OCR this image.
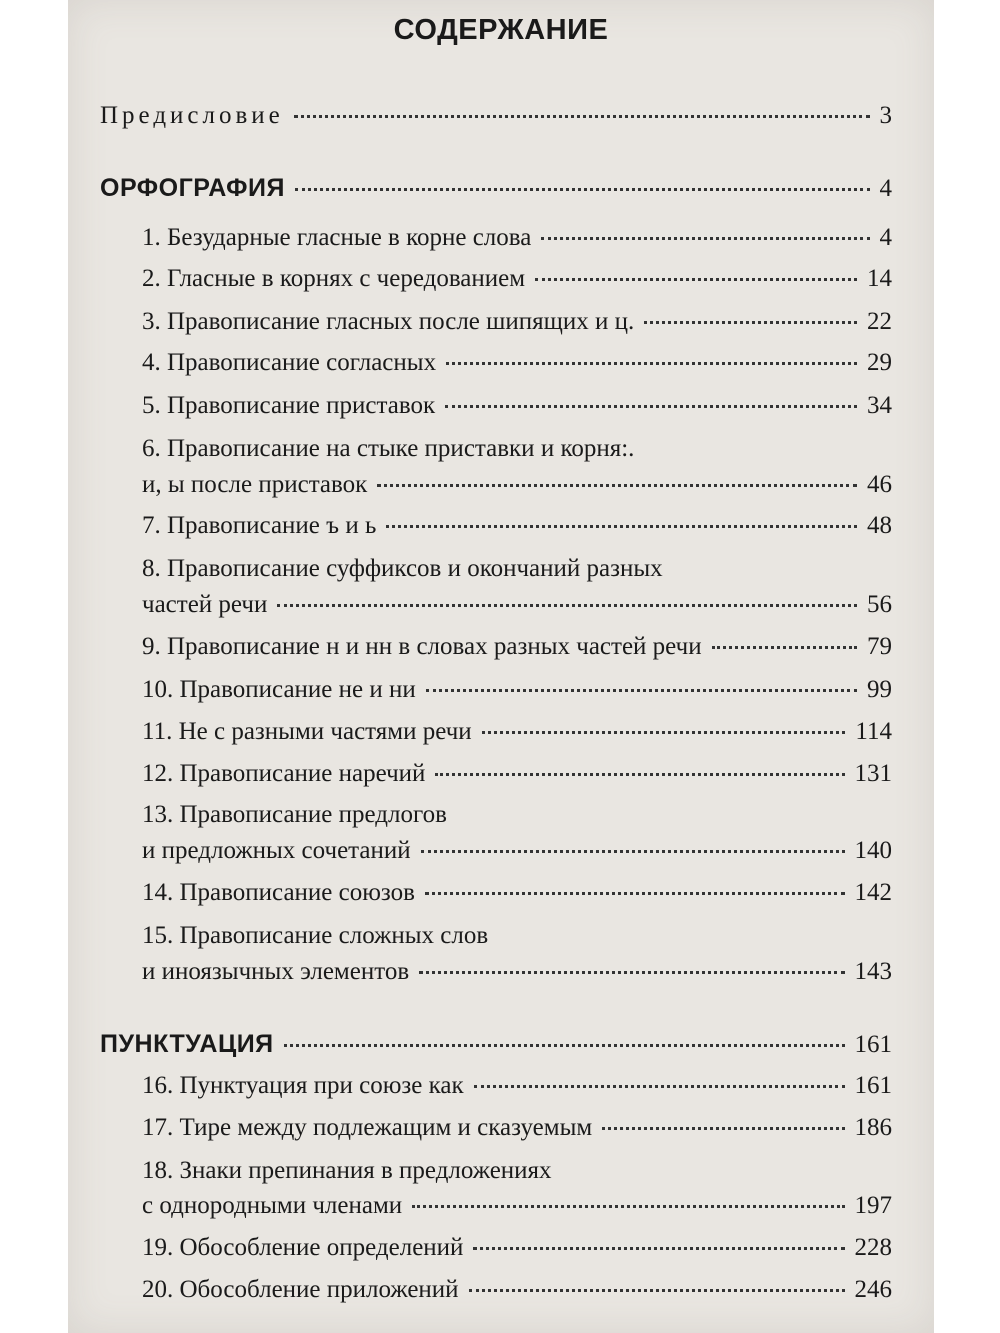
СОДЕРЖАНИЕ
Предисловие	3
ОРФОГРАФИЯ	4
1. Безударные гласные в корне слова	4
2. Гласные в корнях с чередованием	14
3. Правописание гласных после шипящих и ц.	22
4. Правописание согласных	29
5. Правописание приставок	34
6. Правописание на стыке приставки и корня:.
и, ы после приставок	46
7. Правописание ъ и ь	48
8. Правописание суффиксов и окончаний разных
частей речи	56
9. Правописание н и нн в словах разных частей речи	79
10. Правописание не и ни	99
11. Не с разными частями речи	114
12. Правописание наречий	131
13. Правописание предлогов
и предложных сочетаний	140
14. Правописание союзов	142
15. Правописание сложных слов
и иноязычных элементов	143
ПУНКТУАЦИЯ	161
16. Пунктуация при союзе как	161
17. Тире между подлежащим и сказуемым	186
18. Знаки препинания в предложениях
с однородными членами	197
19. Обособление определений	228
20. Обособление приложений	246
